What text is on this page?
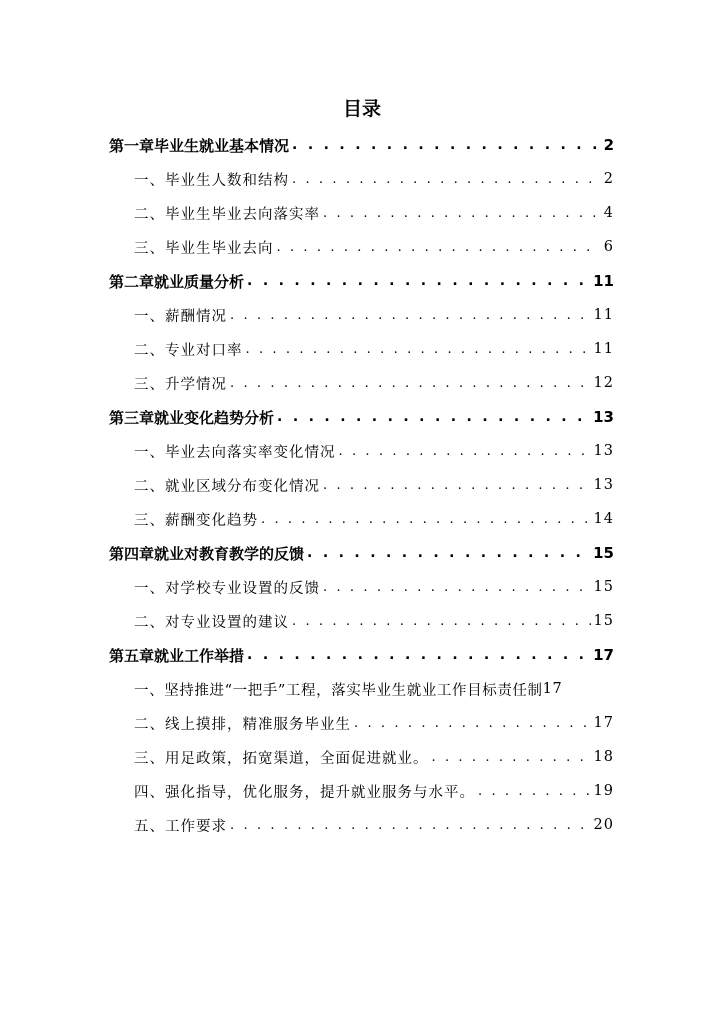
目录
第一章 毕业生就业基本情况 . . .	2
一、毕业生人数和结构 . . .	2
二、毕业生毕业去向落实率 . . .	4
三、毕业生毕业去向 . . .	6
第二章 就业质量分析 . . .	11
一、薪酬情况 . . .	11
二、专业对口率 . . .	11
三、升学情况 . . .	12
第三章 就业变化趋势分析 . . .	13
一、毕业去向落实率变化情况 . . .	13
二、就业区域分布变化情况 . . .	13
三、薪酬变化趋势 . . .	14
第四章 就业对教育教学的反馈 . . .	15
一、对学校专业设置的反馈 . . .	15
二、对专业设置的建议 . . .	15
第五章 就业工作举措 . . .	17
一、坚持推进“一把手”工程，落实毕业生就业工作目标责任制 17
二、线上摸排，精准服务毕业生 . . .	17
三、用足政策，拓宽渠道，全面促进就业。 . . .	18
四、强化指导，优化服务，提升就业服务与水平。 . . .	19
五、工作要求 . . .	20
